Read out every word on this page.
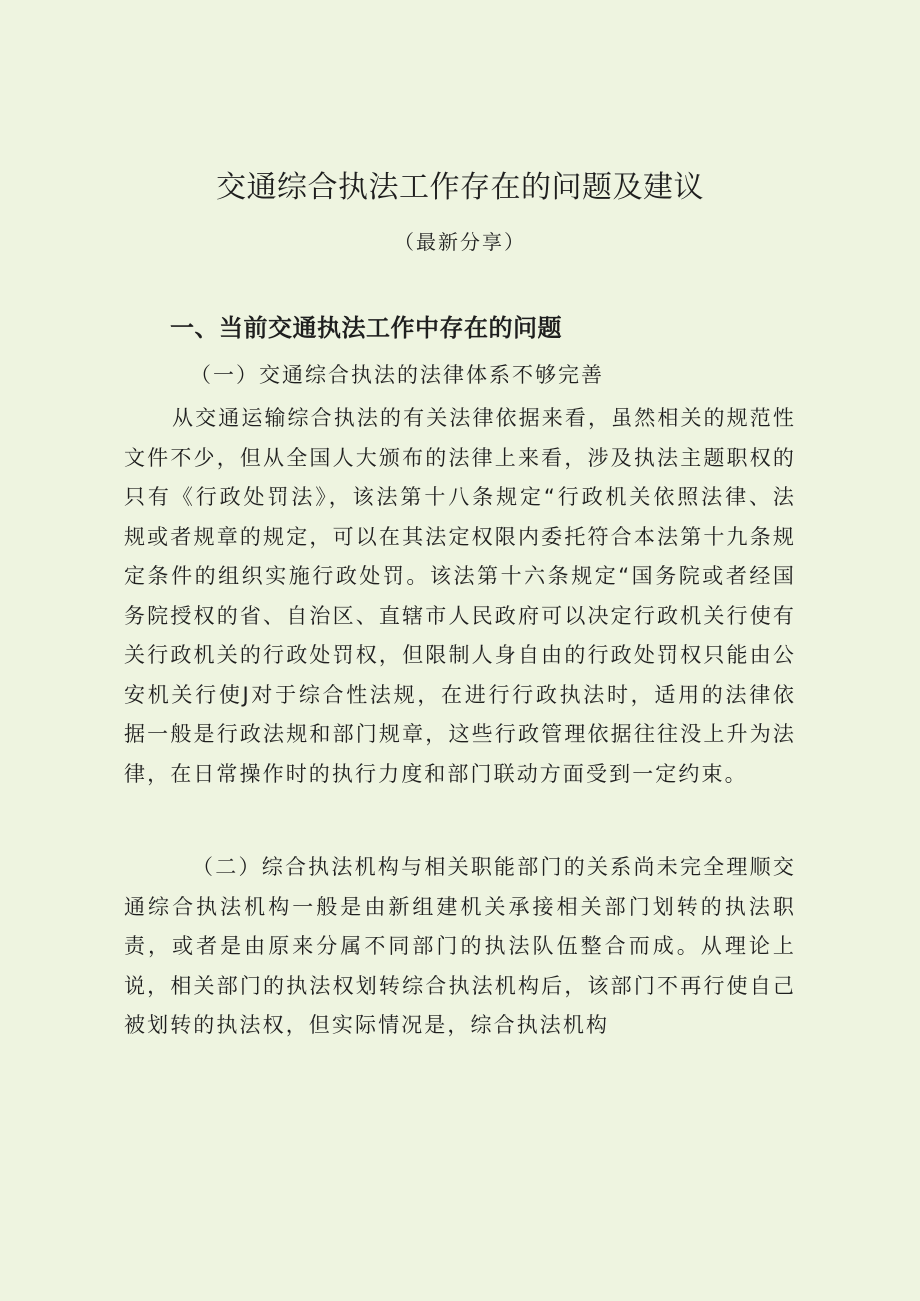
交通综合执法工作存在的问题及建议
（最新分享）
一、当前交通执法工作中存在的问题

（一）交通综合执法的法律体系不够完善

从交通运输综合执法的有关法律依据来看，虽然相关的规范性文件不少，但从全国人大颁布的法律上来看，涉及执法主题职权的只有《行政处罚法》，该法第十八条规定“行政机关依照法律、法规或者规章的规定，可以在其法定权限内委托符合本法第十九条规定条件的组织实施行政处罚。该法第十六条规定“国务院或者经国务院授权的省、自治区、直辖市人民政府可以决定行政机关行使有关行政机关的行政处罚权，但限制人身自由的行政处罚权只能由公安机关行使J对于综合性法规，在进行行政执法时，适用的法律依据一般是行政法规和部门规章，这些行政管理依据往往没上升为法律，在日常操作时的执行力度和部门联动方面受到一定约束。

（二）综合执法机构与相关职能部门的关系尚未完全理顺交通综合执法机构一般是由新组建机关承接相关部门划转的执法职责，或者是由原来分属不同部门的执法队伍整合而成。从理论上说，相关部门的执法权划转综合执法机构后，该部门不再行使自己被划转的执法权，但实际情况是，综合执法机构
